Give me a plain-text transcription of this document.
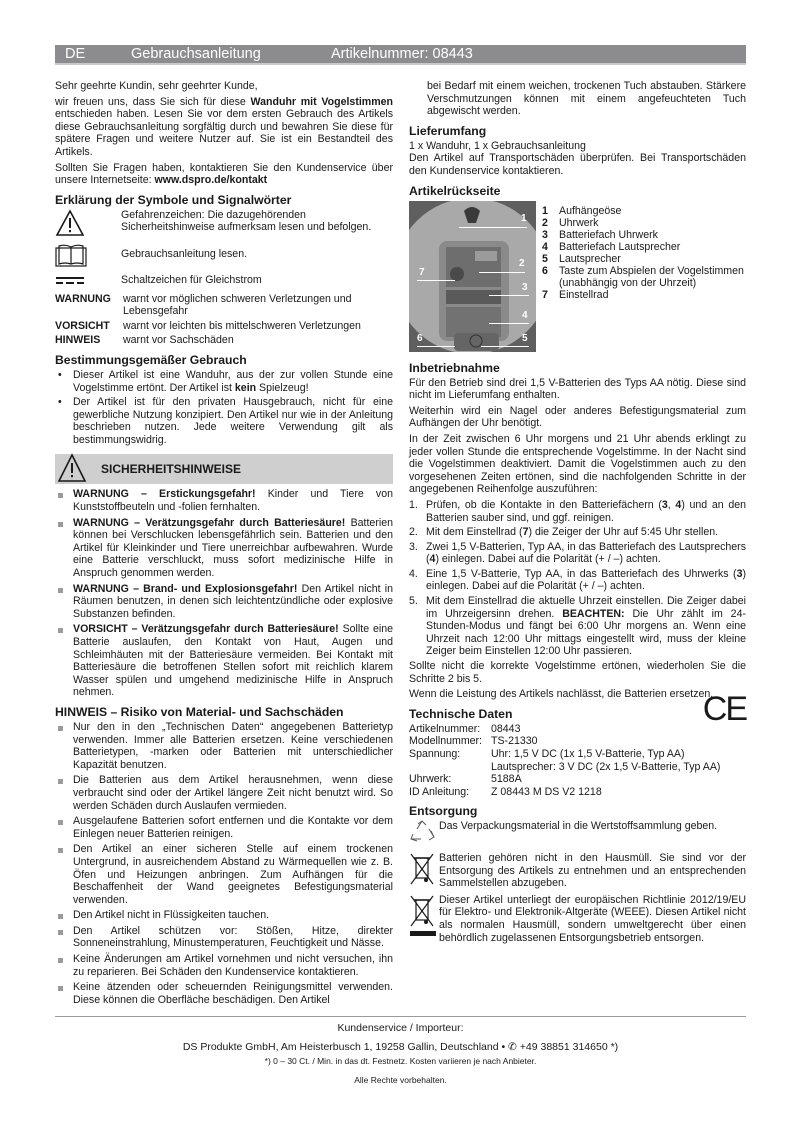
DE	Gebrauchsanleitung	Artikelnummer: 08443

Sehr geehrte Kundin, sehr geehrter Kunde,

wir freuen uns, dass Sie sich für diese Wanduhr mit Vogelstimmen entschieden haben. Lesen Sie vor dem ersten Gebrauch des Artikels diese Gebrauchsanleitung sorgfältig durch und bewahren Sie diese für spätere Fragen und weitere Nutzer auf. Sie ist ein Bestandteil des Artikels.

Sollten Sie Fragen haben, kontaktieren Sie den Kundenservice über unsere Internetseite: www.dspro.de/kontakt

Erklärung der Symbole und Signalwörter
Gefahrenzeichen: Die dazugehörenden Sicherheitshinweise aufmerksam lesen und befolgen.
Gebrauchsanleitung lesen.
Schaltzeichen für Gleichstrom
WARNUNG	warnt vor möglichen schweren Verletzungen und Lebensgefahr
VORSICHT	warnt vor leichten bis mittelschweren Verletzungen
HINWEIS	warnt vor Sachschäden
Bestimmungsgemäßer Gebrauch
• Dieser Artikel ist eine Wanduhr, aus der zur vollen Stunde eine Vogelstimme ertönt. Der Artikel ist kein Spielzeug!
• Der Artikel ist für den privaten Hausgebrauch, nicht für eine gewerbliche Nutzung konzipiert. Den Artikel nur wie in der Anleitung beschrieben nutzen. Jede weitere Verwendung gilt als bestimmungswidrig.
SICHERHEITSHINWEISE
WARNUNG – Erstickungsgefahr! Kinder und Tiere von Kunststoffbeuteln und -folien fernhalten.
WARNUNG – Verätzungsgefahr durch Batteriesäure! Batterien können bei Verschlucken lebensgefährlich sein. Batterien und den Artikel für Kleinkinder und Tiere unerreichbar aufbewahren. Wurde eine Batterie verschluckt, muss sofort medizinische Hilfe in Anspruch genommen werden.
WARNUNG – Brand- und Explosionsgefahr! Den Artikel nicht in Räumen benutzen, in denen sich leichtentzündliche oder explosive Substanzen befinden.
VORSICHT – Verätzungsgefahr durch Batteriesäure! Sollte eine Batterie auslaufen, den Kontakt von Haut, Augen und Schleimhäuten mit der Batteriesäure vermeiden. Bei Kontakt mit Batteriesäure die betroffenen Stellen sofort mit reichlich klarem Wasser spülen und umgehend medizinische Hilfe in Anspruch nehmen.
HINWEIS – Risiko von Material- und Sachschäden
Nur den in den „Technischen Daten“ angegebenen Batterietyp verwenden. Immer alle Batterien ersetzen. Keine verschiedenen Batterietypen, -marken oder Batterien mit unterschiedlicher Kapazität benutzen.
Die Batterien aus dem Artikel herausnehmen, wenn diese verbraucht sind oder der Artikel längere Zeit nicht benutzt wird. So werden Schäden durch Auslaufen vermieden.
Ausgelaufene Batterien sofort entfernen und die Kontakte vor dem Einlegen neuer Batterien reinigen.
Den Artikel an einer sicheren Stelle auf einem trockenen Untergrund, in ausreichendem Abstand zu Wärmequellen wie z. B. Öfen und Heizungen anbringen. Zum Aufhängen für die Beschaffenheit der Wand geeignetes Befestigungsmaterial verwenden.
Den Artikel nicht in Flüssigkeiten tauchen.
Den Artikel schützen vor: Stößen, Hitze, direkter Sonneneinstrahlung, Minustemperaturen, Feuchtigkeit und Nässe.
Keine Änderungen am Artikel vornehmen und nicht versuchen, ihn zu reparieren. Bei Schäden den Kundenservice kontaktieren.
Keine ätzenden oder scheuernden Reinigungsmittel verwenden. Diese können die Oberfläche beschädigen. Den Artikel

bei Bedarf mit einem weichen, trockenen Tuch abstauben. Stärkere Verschmutzungen können mit einem angefeuchteten Tuch abgewischt werden.

Lieferumfang

1 x Wanduhr, 1 x Gebrauchsanleitung

Den Artikel auf Transportschäden überprüfen. Bei Transportschäden den Kundenservice kontaktieren.

Artikelrückseite
1
2
7
3
4
6	5
1	Aufhängeöse
2	Uhrwerk
3	Batteriefach Uhrwerk
4	Batteriefach Lautsprecher
5	Lautsprecher
6	Taste zum Abspielen der Vogelstimmen (unabhängig von der Uhrzeit)
7	Einstellrad
Inbetriebnahme

Für den Betrieb sind drei 1,5 V-Batterien des Typs AA nötig. Diese sind nicht im Lieferumfang enthalten.

Weiterhin wird ein Nagel oder anderes Befestigungsmaterial zum Aufhängen der Uhr benötigt.

In der Zeit zwischen 6 Uhr morgens und 21 Uhr abends erklingt zu jeder vollen Stunde die entsprechende Vogelstimme. In der Nacht sind die Vogelstimmen deaktiviert. Damit die Vogelstimmen auch zu den vorgesehenen Zeiten ertönen, sind die nachfolgenden Schritte in der angegebenen Reihenfolge auszuführen:

1. Prüfen, ob die Kontakte in den Batteriefächern (3, 4) und an den Batterien sauber sind, und ggf. reinigen.
2. Mit dem Einstellrad (7) die Zeiger der Uhr auf 5:45 Uhr stellen.
3. Zwei 1,5 V-Batterien, Typ AA, in das Batteriefach des Lautsprechers (4) einlegen. Dabei auf die Polarität (+ / –) achten.
4. Eine 1,5 V-Batterie, Typ AA, in das Batteriefach des Uhrwerks (3) einlegen. Dabei auf die Polarität (+ / –) achten.
5. Mit dem Einstellrad die aktuelle Uhrzeit einstellen. Die Zeiger dabei im Uhrzeigersinn drehen. BEACHTEN: Die Uhr zählt im 24-Stunden-Modus und fängt bei 6:00 Uhr morgens an. Wenn eine Uhrzeit nach 12:00 Uhr mittags eingestellt wird, muss der kleine Zeiger beim Einstellen 12:00 Uhr passieren.

Sollte nicht die korrekte Vogelstimme ertönen, wiederholen Sie die Schritte 2 bis 5.

Wenn die Leistung des Artikels nachlässt, die Batterien ersetzen.

Technische Daten	CE
Artikelnummer:	08443
Modellnummer: TS-21330
Spannung:	Uhr: 1,5 V DC (1x 1,5 V-Batterie, Typ AA)
Lautsprecher: 3 V DC (2x 1,5 V-Batterie, Typ AA)
Uhrwerk:	5188A
ID Anleitung:	Z 08443 M DS V2 1218
Entsorgung
Das Verpackungsmaterial in die Wertstoffsammlung geben.
Batterien gehören nicht in den Hausmüll. Sie sind vor der Entsorgung des Artikels zu entnehmen und an entsprechenden Sammelstellen abzugeben.
Dieser Artikel unterliegt der europäischen Richtlinie 2012/19/EU für Elektro- und Elektronik-Altgeräte (WEEE). Diesen Artikel nicht als normalen Hausmüll, sondern umweltgerecht über einen behördlich zugelassenen Entsorgungsbetrieb entsorgen.
Kundenservice / Importeur:
DS Produkte GmbH, Am Heisterbusch 1, 19258 Gallin, Deutschland • ✆ +49 38851 314650 *)
*) 0 – 30 Ct. / Min. in das dt. Festnetz. Kosten variieren je nach Anbieter.
Alle Rechte vorbehalten.
